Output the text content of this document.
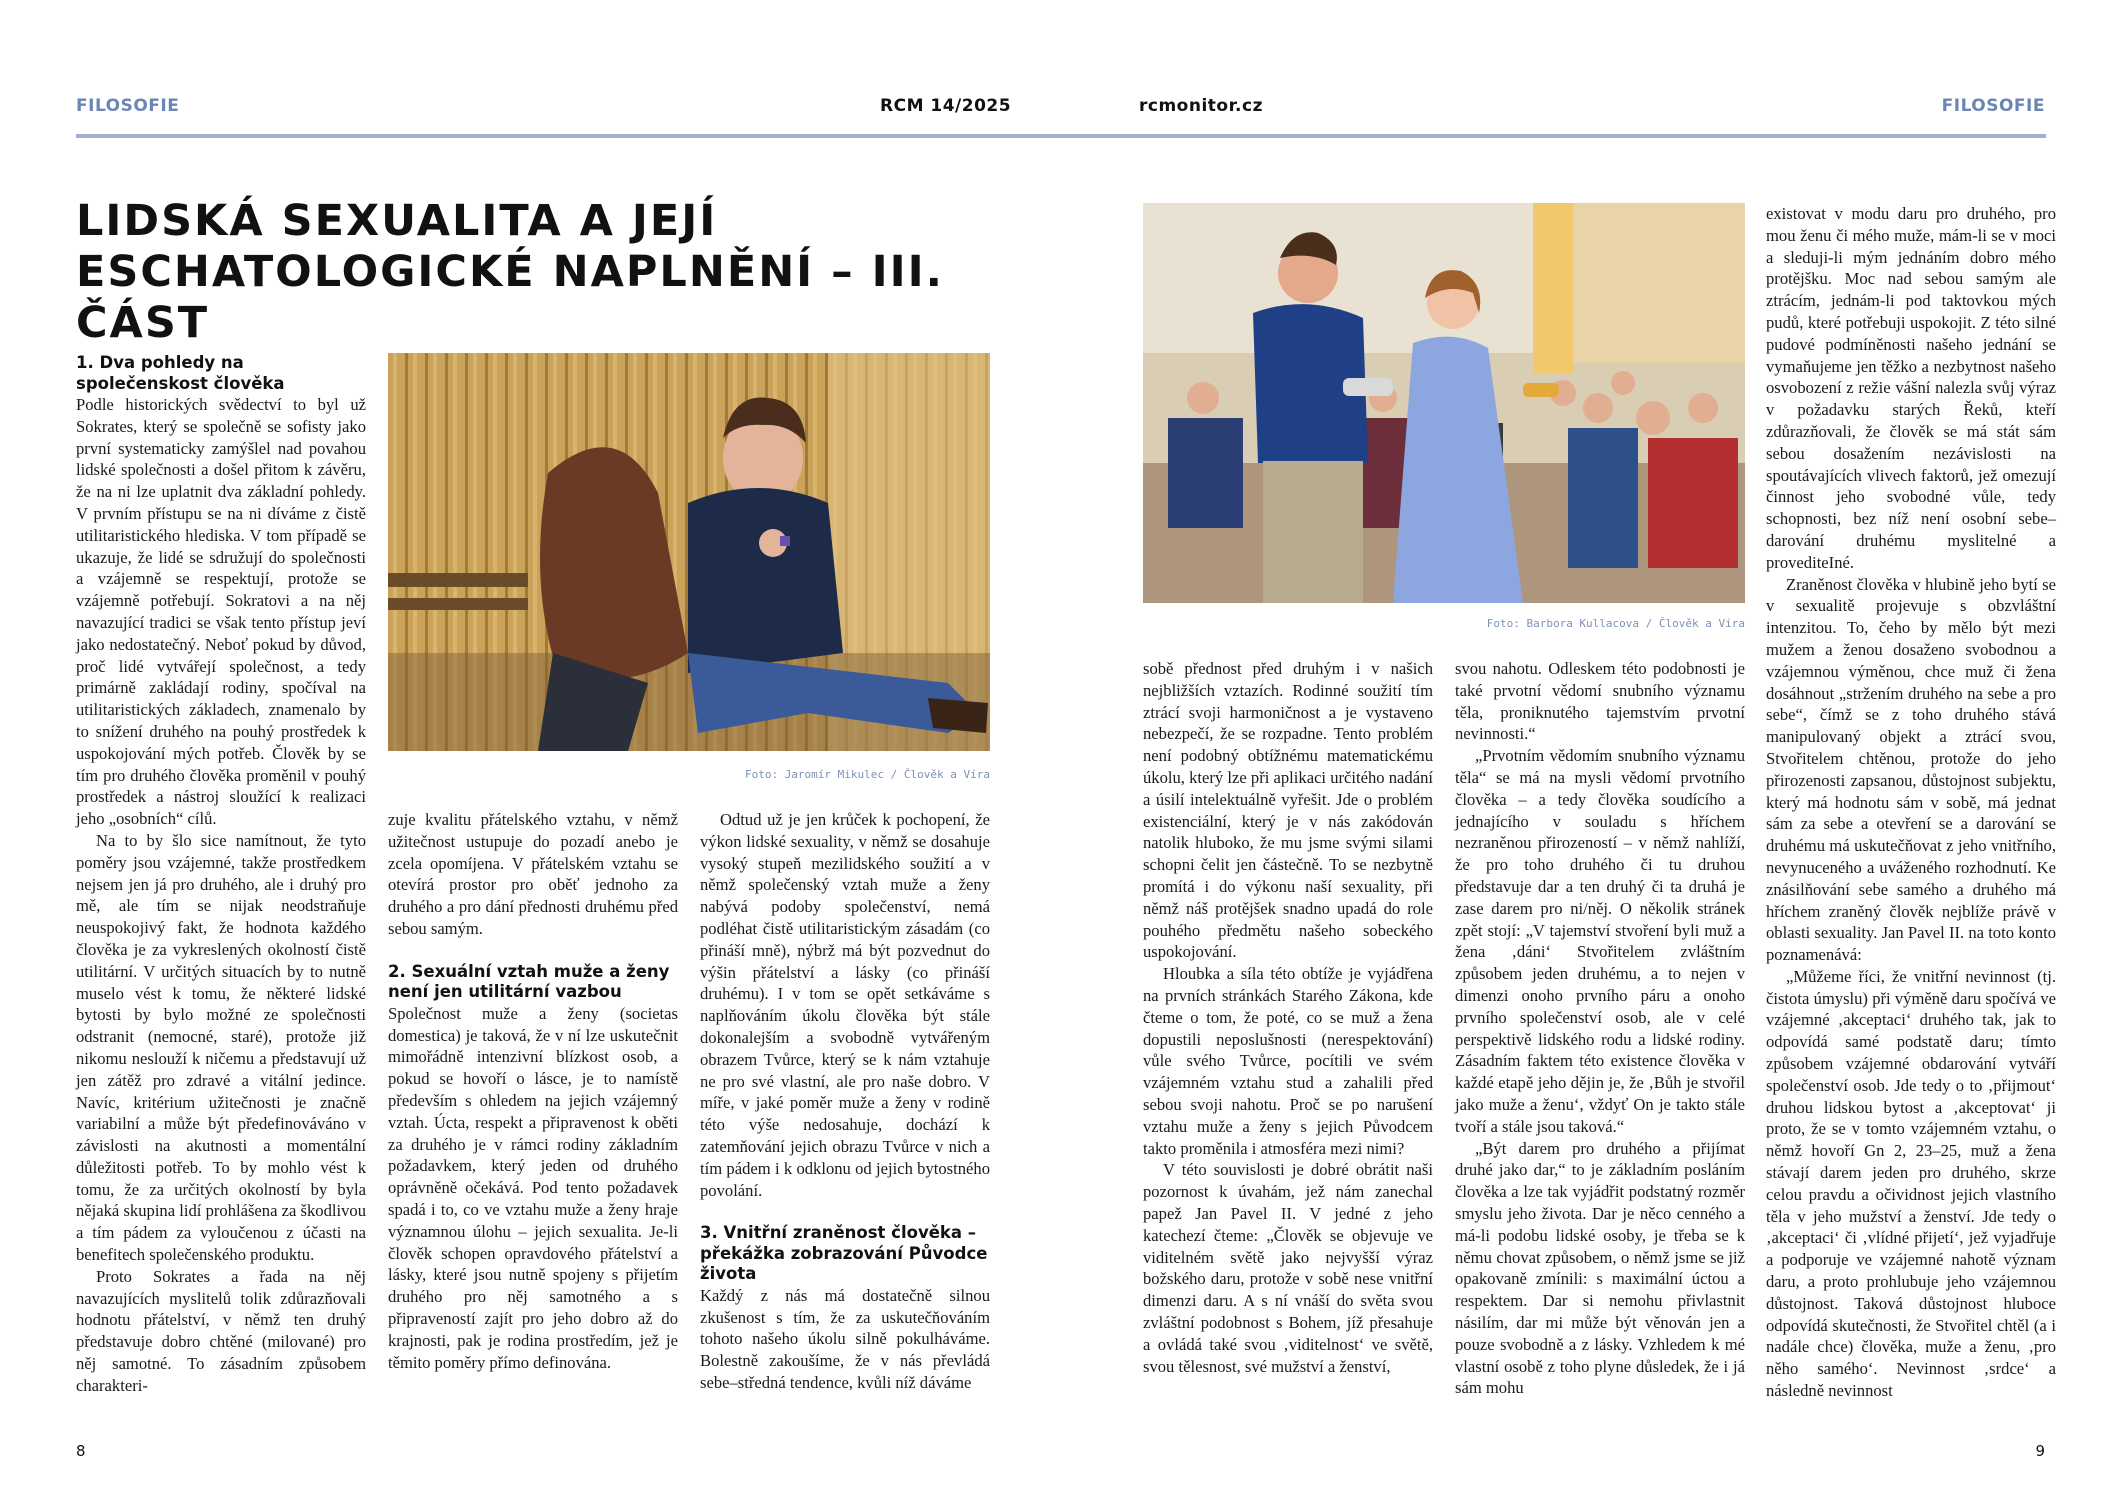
FILOSOFIE	RCM 14/2025	rcmonitor.cz	FILOSOFIE
LIDSKÁ SEXUALITA A JEJÍ ESCHATOLOGICKÉ NAPLNĚNÍ – III. ČÁST
Foto: Jaromír Mikulec / Člověk a Víra
1. Dva pohledy na společenskost člověka

Podle historických svědectví to byl už Sokrates, který se společně se sofisty jako první systematicky zamýšlel nad povahou lidské společnosti a došel přitom k závěru, že na ni lze uplatnit dva základní pohledy. V prvním přístupu se na ni díváme z čistě utilitaristického hlediska. V tom případě se ukazuje, že lidé se sdružují do společnosti a vzájemně se respektují, protože se vzájemně potřebují. Sokratovi a na něj navazující tradici se však tento přístup jeví jako nedostatečný. Neboť pokud by důvod, proč lidé vytvářejí společnost, a tedy primárně zakládají rodiny, spočíval na utilitaristických základech, znamenalo by to snížení druhého na pouhý prostředek k uspokojování mých potřeb. Člověk by se tím pro druhého člověka proměnil v pouhý prostředek a nástroj sloužící k realizaci jeho „osobních“ cílů.

Na to by šlo sice namítnout, že tyto poměry jsou vzájemné, takže prostředkem nejsem jen já pro druhého, ale i druhý pro mě, ale tím se nijak neodstraňuje neuspokojivý fakt, že hodnota každého člověka je za vykreslených okolností čistě utilitární. V určitých situacích by to nutně muselo vést k tomu, že některé lidské bytosti by bylo možné ze společnosti odstranit (nemocné, staré), protože již nikomu neslouží k ničemu a představují už jen zátěž pro zdravé a vitální jedince. Navíc, kritérium užitečnosti je značně variabilní a může být předefinováváno v závislosti na akutnosti a momentální důležitosti potřeb. To by mohlo vést k tomu, že za určitých okolností by byla nějaká skupina lidí prohlášena za škodlivou a tím pádem za vyloučenou z účasti na benefitech společenského produktu.

Proto Sokrates a řada na něj navazujících myslitelů tolik zdůrazňovali hodnotu přátelství, v němž ten druhý představuje dobro chtěné (milované) pro něj samotné. To zásadním způsobem charakteri-

zuje kvalitu přátelského vztahu, v němž užitečnost ustupuje do pozadí anebo je zcela opomíjena. V přátelském vztahu se otevírá prostor pro oběť jednoho za druhého a pro dání přednosti druhému před sebou samým.

2. Sexuální vztah muže a ženy není jen utilitární vazbou

Společnost muže a ženy (societas domestica) je taková, že v ní lze uskutečnit mimořádně intenzivní blízkost osob, a pokud se hovoří o lásce, je to namístě především s ohledem na jejich vzájemný vztah. Úcta, respekt a připravenost k oběti za druhého je v rámci rodiny základním požadavkem, který jeden od druhého oprávněně očekává. Pod tento požadavek spadá i to, co ve vztahu muže a ženy hraje významnou úlohu – jejich sexualita. Je-li člověk schopen opravdového přátelství a lásky, které jsou nutně spojeny s přijetím druhého pro něj samotného a s připraveností zajít pro jeho dobro až do krajnosti, pak je rodina prostředím, jež je těmito poměry přímo definována.

Odtud už je jen krůček k pochopení, že výkon lidské sexuality, v němž se dosahuje vysoký stupeň mezilidského soužití a v němž společenský vztah muže a ženy nabývá podoby společenství, nemá podléhat čistě utilitaristickým zásadám (co přináší mně), nýbrž má být pozvednut do výšin přátelství a lásky (co přináší druhému). I v tom se opět setkáváme s naplňováním úkolu člověka být stále dokonalejším a svobodně vytvářeným obrazem Tvůrce, který se k nám vztahuje ne pro své vlastní, ale pro naše dobro. V míře, v jaké poměr muže a ženy v rodině této výše nedosahuje, dochází k zatemňování jejich obrazu Tvůrce v nich a tím pádem i k odklonu od jejich bytostného povolání.

3. Vnitřní zraněnost člověka – překážka zobrazování Původce života

Každý z nás má dostatečně silnou zkušenost s tím, že za uskutečňováním tohoto našeho úkolu silně pokulháváme. Bolestně zakoušíme, že v nás převládá sebe–středná tendence, kvůli níž dáváme

Foto: Barbora Kullacova / Člověk a Víra

sobě přednost před druhým i v našich nejbližších vztazích. Rodinné soužití tím ztrácí svoji harmoničnost a je vystaveno nebezpečí, že se rozpadne. Tento problém není podobný obtížnému matematickému úkolu, který lze při aplikaci určitého nadání a úsilí intelektuálně vyřešit. Jde o problém existenciální, který je v nás zakódován natolik hluboko, že mu jsme svými silami schopni čelit jen částečně. To se nezbytně promítá i do výkonu naší sexuality, při němž náš protějšek snadno upadá do role pouhého předmětu našeho sobeckého uspokojování.

Hloubka a síla této obtíže je vyjádřena na prvních stránkách Starého Zákona, kde čteme o tom, že poté, co se muž a žena dopustili neposlušnosti (nerespektování) vůle svého Tvůrce, pocítili ve svém vzájemném vztahu stud a zahalili před sebou svoji nahotu. Proč se po narušení vztahu muže a ženy s jejich Původcem takto proměnila i atmosféra mezi nimi?

V této souvislosti je dobré obrátit naši pozornost k úvahám, jež nám zanechal papež Jan Pavel II. V jedné z jeho katechezí čteme: „Člověk se objevuje ve viditelném světě jako nejvyšší výraz božského daru, protože v sobě nese vnitřní dimenzi daru. A s ní vnáší do světa svou zvláštní podobnost s Bohem, jíž přesahuje a ovládá také svou ‚viditelnost‘ ve světě, svou tělesnost, své mužství a ženství,

svou nahotu. Odleskem této podobnosti je také prvotní vědomí snubního významu těla, proniknutého tajemstvím prvotní nevinnosti.“

„Prvotním vědomím snubního významu těla“ se má na mysli vědomí prvotního člověka – a tedy člověka soudícího a jednajícího v souladu s hříchem nezraněnou přirozeností – v němž nahlíží, že pro toho druhého či tu druhou představuje dar a ten druhý či ta druhá je zase darem pro ni/něj. O několik stránek zpět stojí: „V tajemství stvoření byli muž a žena ‚dáni‘ Stvořitelem zvláštním způsobem jeden druhému, a to nejen v dimenzi onoho prvního páru a onoho prvního společenství osob, ale v celé perspektivě lidského rodu a lidské rodiny. Zásadním faktem této existence člověka v každé etapě jeho dějin je, že ‚Bůh je stvořil jako muže a ženu‘, vždyť On je takto stále tvoří a stále jsou taková.“

„Být darem pro druhého a přijímat druhé jako dar,“ to je základním posláním člověka a lze tak vyjádřit podstatný rozměr smyslu jeho života. Dar je něco cenného a má-li podobu lidské osoby, je třeba se k němu chovat způsobem, o němž jsme se již opakovaně zmínili: s maximální úctou a respektem. Dar si nemohu přivlastnit násilím, dar mi může být věnován jen a pouze svobodně a z lásky. Vzhledem k mé vlastní osobě z toho plyne důsledek, že i já sám mohu

existovat v modu daru pro druhého, pro mou ženu či mého muže, mám-li se v moci a sleduji-li mým jednáním dobro mého protějšku. Moc nad sebou samým ale ztrácím, jednám-li pod taktovkou mých pudů, které potřebuji uspokojit. Z této silné pudové podmíněnosti našeho jednání se vymaňujeme jen těžko a nezbytnost našeho osvobození z režie vášní nalezla svůj výraz v požadavku starých Řeků, kteří zdůrazňovali, že člověk se má stát sám sebou dosažením nezávislosti na spoutávajících vlivech faktorů, jež omezují činnost jeho svobodné vůle, tedy schopnosti, bez níž není osobní sebe–darování druhému myslitelné a provediteIné.

Zraněnost člověka v hlubině jeho bytí se v sexualitě projevuje s obzvláštní intenzitou. To, čeho by mělo být mezi mužem a ženou dosaženo svobodnou a vzájemnou výměnou, chce muž či žena dosáhnout „stržením druhého na sebe a pro sebe“, čímž se z toho druhého stává manipulovaný objekt a ztrácí svou, Stvořitelem chtěnou, protože do jeho přirozenosti zapsanou, důstojnost subjektu, který má hodnotu sám v sobě, má jednat sám za sebe a otevření se a darování se druhému má uskutečňovat z jeho vnitřního, nevynuceného a uváženého rozhodnutí. Ke znásilňování sebe samého a druhého má hříchem zraněný člověk nejblíže právě v oblasti sexuality. Jan Pavel II. na toto konto poznamenává:

„Můžeme říci, že vnitřní nevinnost (tj. čistota úmyslu) při výměně daru spočívá ve vzájemné ‚akceptaci‘ druhého tak, jak to odpovídá samé podstatě daru; tímto způsobem vzájemné obdarování vytváří společenství osob. Jde tedy o to ‚přijmout‘ druhou lidskou bytost a ‚akceptovat‘ ji proto, že se v tomto vzájemném vztahu, o němž hovoří Gn 2, 23–25, muž a žena stávají darem jeden pro druhého, skrze celou pravdu a očividnost jejich vlastního těla v jeho mužství a ženství. Jde tedy o ‚akceptaci‘ či ‚vlídné přijetí‘, jež vyjadřuje a podporuje ve vzájemné nahotě význam daru, a proto prohlubuje jeho vzájemnou důstojnost. Taková důstojnost hluboce odpovídá skutečnosti, že Stvořitel chtěl (a i nadále chce) člověka, muže a ženu, ‚pro něho samého‘. Nevinnost ‚srdce‘ a následně nevinnost

8	9
